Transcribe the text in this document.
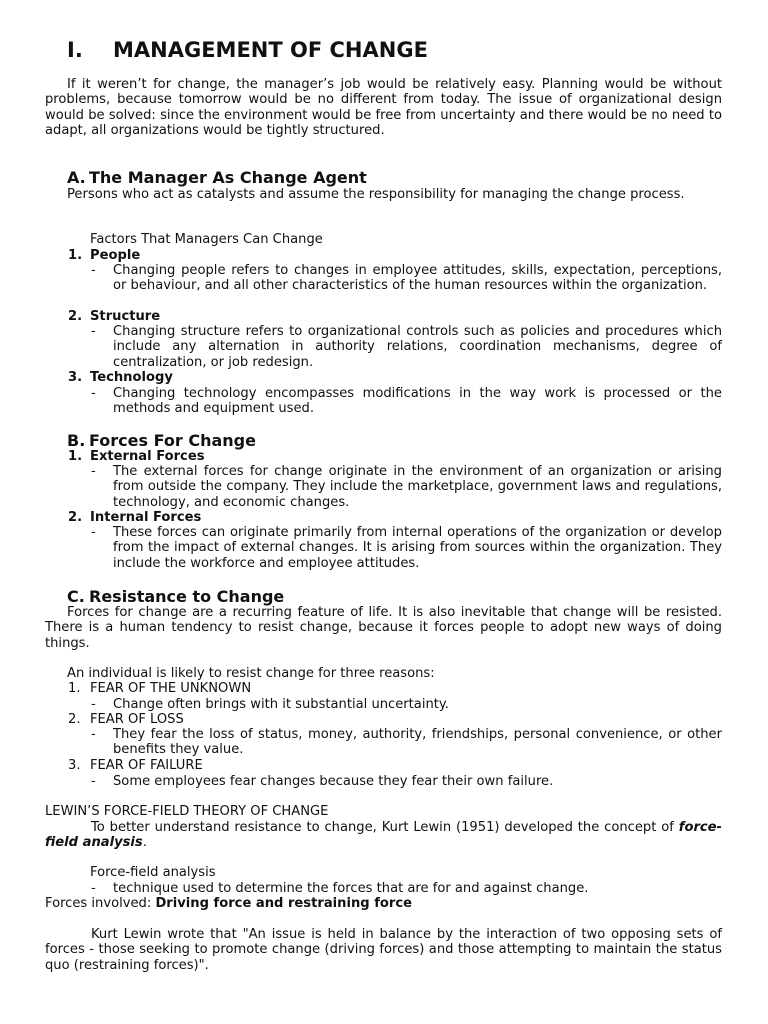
I. MANAGEMENT OF CHANGE
If it weren’t for change, the manager’s job would be relatively easy. Planning would be without problems, because tomorrow would be no different from today. The issue of organizational design would be solved: since the environment would be free from uncertainty and there would be no need to adapt, all organizations would be tightly structured.
A. The Manager As Change Agent
Persons who act as catalysts and assume the responsibility for managing the change process.
Factors That Managers Can Change
1. People
- Changing people refers to changes in employee attitudes, skills, expectation, perceptions, or behaviour, and all other characteristics of the human resources within the organization.
2. Structure
- Changing structure refers to organizational controls such as policies and procedures which include any alternation in authority relations, coordination mechanisms, degree of centralization, or job redesign.
3. Technology
- Changing technology encompasses modifications in the way work is processed or the methods and equipment used.
B. Forces For Change
1. External Forces
- The external forces for change originate in the environment of an organization or arising from outside the company. They include the marketplace, government laws and regulations, technology, and economic changes.
2. Internal Forces
- These forces can originate primarily from internal operations of the organization or develop from the impact of external changes. It is arising from sources within the organization. They include the workforce and employee attitudes.
C. Resistance to Change
Forces for change are a recurring feature of life. It is also inevitable that change will be resisted. There is a human tendency to resist change, because it forces people to adopt new ways of doing things.
An individual is likely to resist change for three reasons:
1. FEAR OF THE UNKNOWN
- Change often brings with it substantial uncertainty.
2. FEAR OF LOSS
- They fear the loss of status, money, authority, friendships, personal convenience, or other benefits they value.
3. FEAR OF FAILURE
- Some employees fear changes because they fear their own failure.
LEWIN’S FORCE-FIELD THEORY OF CHANGE
To better understand resistance to change, Kurt Lewin (1951) developed the concept of force-field analysis.
Force-field analysis
- technique used to determine the forces that are for and against change.
Forces involved: Driving force and restraining force
Kurt Lewin wrote that "An issue is held in balance by the interaction of two opposing sets of forces - those seeking to promote change (driving forces) and those attempting to maintain the status quo (restraining forces)".
